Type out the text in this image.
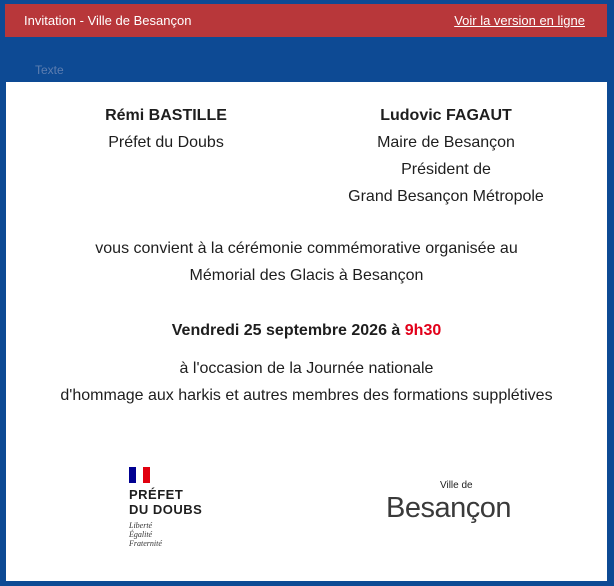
Invitation - Ville de Besançon	Voir la version en ligne
Texte
Rémi BASTILLE
Préfet du Doubs
Ludovic FAGAUT
Maire de Besançon
Président de
Grand Besançon Métropole
vous convient à la cérémonie commémorative organisée au
Mémorial des Glacis à Besançon
Vendredi 25 septembre 2026 à 9h30
à l'occasion de la Journée nationale
d'hommage aux harkis et autres membres des formations supplétives
PRÉFET
DU DOUBS
Liberté
Égalité
Fraternité
Ville de
Besançon
